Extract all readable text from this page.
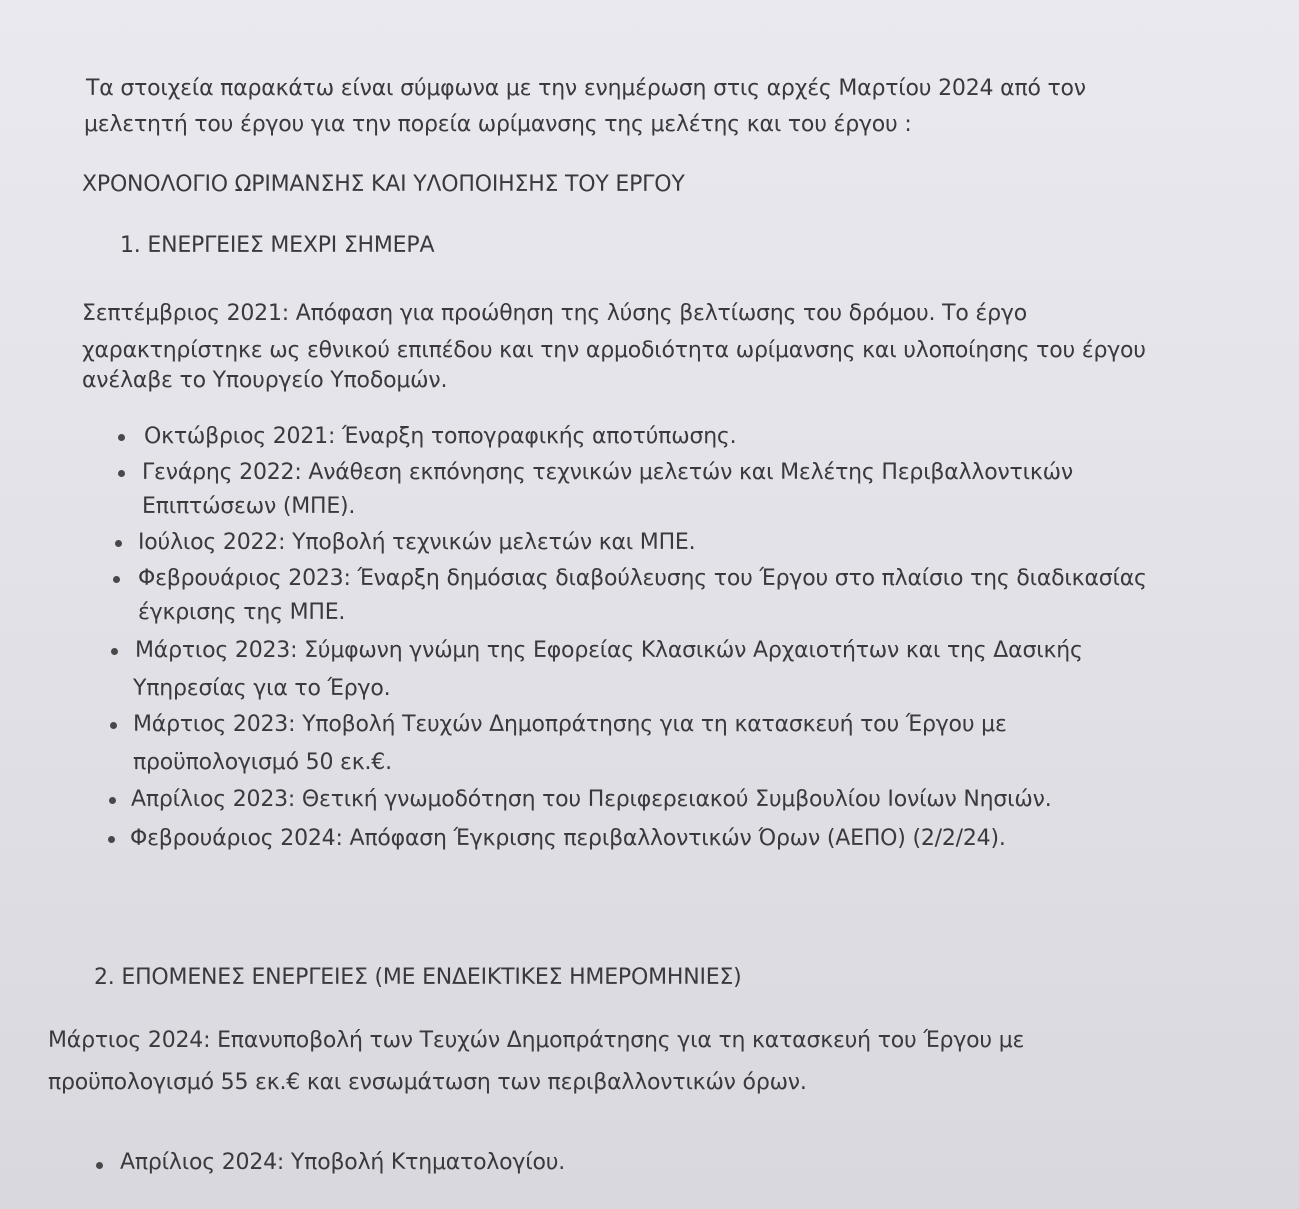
Τα στοιχεία παρακάτω είναι σύμφωνα με την ενημέρωση στις αρχές Μαρτίου 2024 από τον
μελετητή του έργου για την πορεία ωρίμανσης της μελέτης και του έργου :
ΧΡΟΝΟΛΟΓΙΟ ΩΡΙΜΑΝΣΗΣ ΚΑΙ ΥΛΟΠΟΙΗΣΗΣ ΤΟΥ ΕΡΓΟΥ
1. ΕΝΕΡΓΕΙΕΣ ΜΕΧΡΙ ΣΗΜΕΡΑ
Σεπτέμβριος 2021: Απόφαση για προώθηση της λύσης βελτίωσης του δρόμου. Το έργο
χαρακτηρίστηκε ως εθνικού επιπέδου και την αρμοδιότητα ωρίμανσης και υλοποίησης του έργου
ανέλαβε το Υπουργείο Υποδομών.
Οκτώβριος 2021: Έναρξη τοπογραφικής αποτύπωσης.
Γενάρης 2022: Ανάθεση εκπόνησης τεχνικών μελετών και Μελέτης Περιβαλλοντικών
Επιπτώσεων (ΜΠΕ).
Ιούλιος 2022: Υποβολή τεχνικών μελετών και ΜΠΕ.
Φεβρουάριος 2023: Έναρξη δημόσιας διαβούλευσης του Έργου στο πλαίσιο της διαδικασίας
έγκρισης της ΜΠΕ.
Μάρτιος 2023: Σύμφωνη γνώμη της Εφορείας Κλασικών Αρχαιοτήτων και της Δασικής
Υπηρεσίας για το Έργο.
Μάρτιος 2023: Υποβολή Τευχών Δημοπράτησης για τη κατασκευή του Έργου με
προϋπολογισμό 50 εκ.€.
Απρίλιος 2023: Θετική γνωμοδότηση του Περιφερειακού Συμβουλίου Ιονίων Νησιών.
Φεβρουάριος 2024: Απόφαση Έγκρισης περιβαλλοντικών Όρων (ΑΕΠΟ) (2/2/24).
2. ΕΠΟΜΕΝΕΣ ΕΝΕΡΓΕΙΕΣ (ΜΕ ΕΝΔΕΙΚΤΙΚΕΣ ΗΜΕΡΟΜΗΝΙΕΣ)
Μάρτιος 2024: Επανυποβολή των Τευχών Δημοπράτησης για τη κατασκευή του Έργου με
προϋπολογισμό 55 εκ.€ και ενσωμάτωση των περιβαλλοντικών όρων.
Απρίλιος 2024: Υποβολή Κτηματολογίου.
